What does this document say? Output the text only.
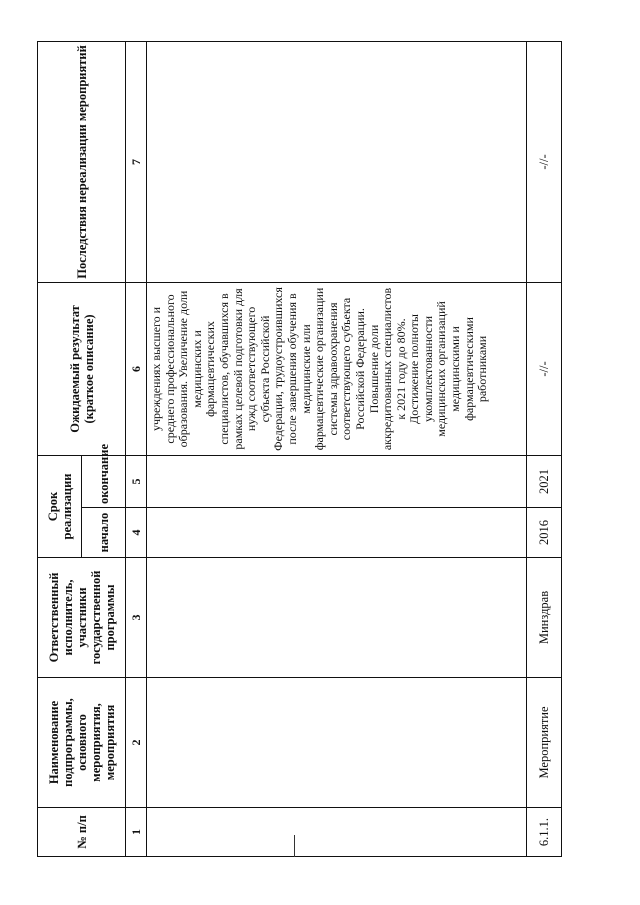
№ п/п	Наименование подпрограммы, основного мероприятия, мероприятия	Ответственный исполнитель, участники государственной программы	Срок реализации		Ожидаемый результат (краткое описание)	Последствия нереализации мероприятий
			начало	окончание		
1	2	3	4	5	6	7
					учреждениях высшего и среднего профессионального образования. Увеличение доли медицинских и фармацевтических специалистов, обучавшихся в рамках целевой подготовки для нужд соответствующего субъекта Российской Федерации, трудоустроившихся после завершения обучения в медицинские или фармацевтические организации системы здравоохранения соответствующего субъекта Российской Федерации. Повышение доли аккредитованных специалистов к 2021 году до 80%. Достижение полноты укомплектованности медицинских организаций медицинскими и фармацевтическими работниками	
6.1.1.	Мероприятие	Минздрав	2016	2021	-//-	-//-
